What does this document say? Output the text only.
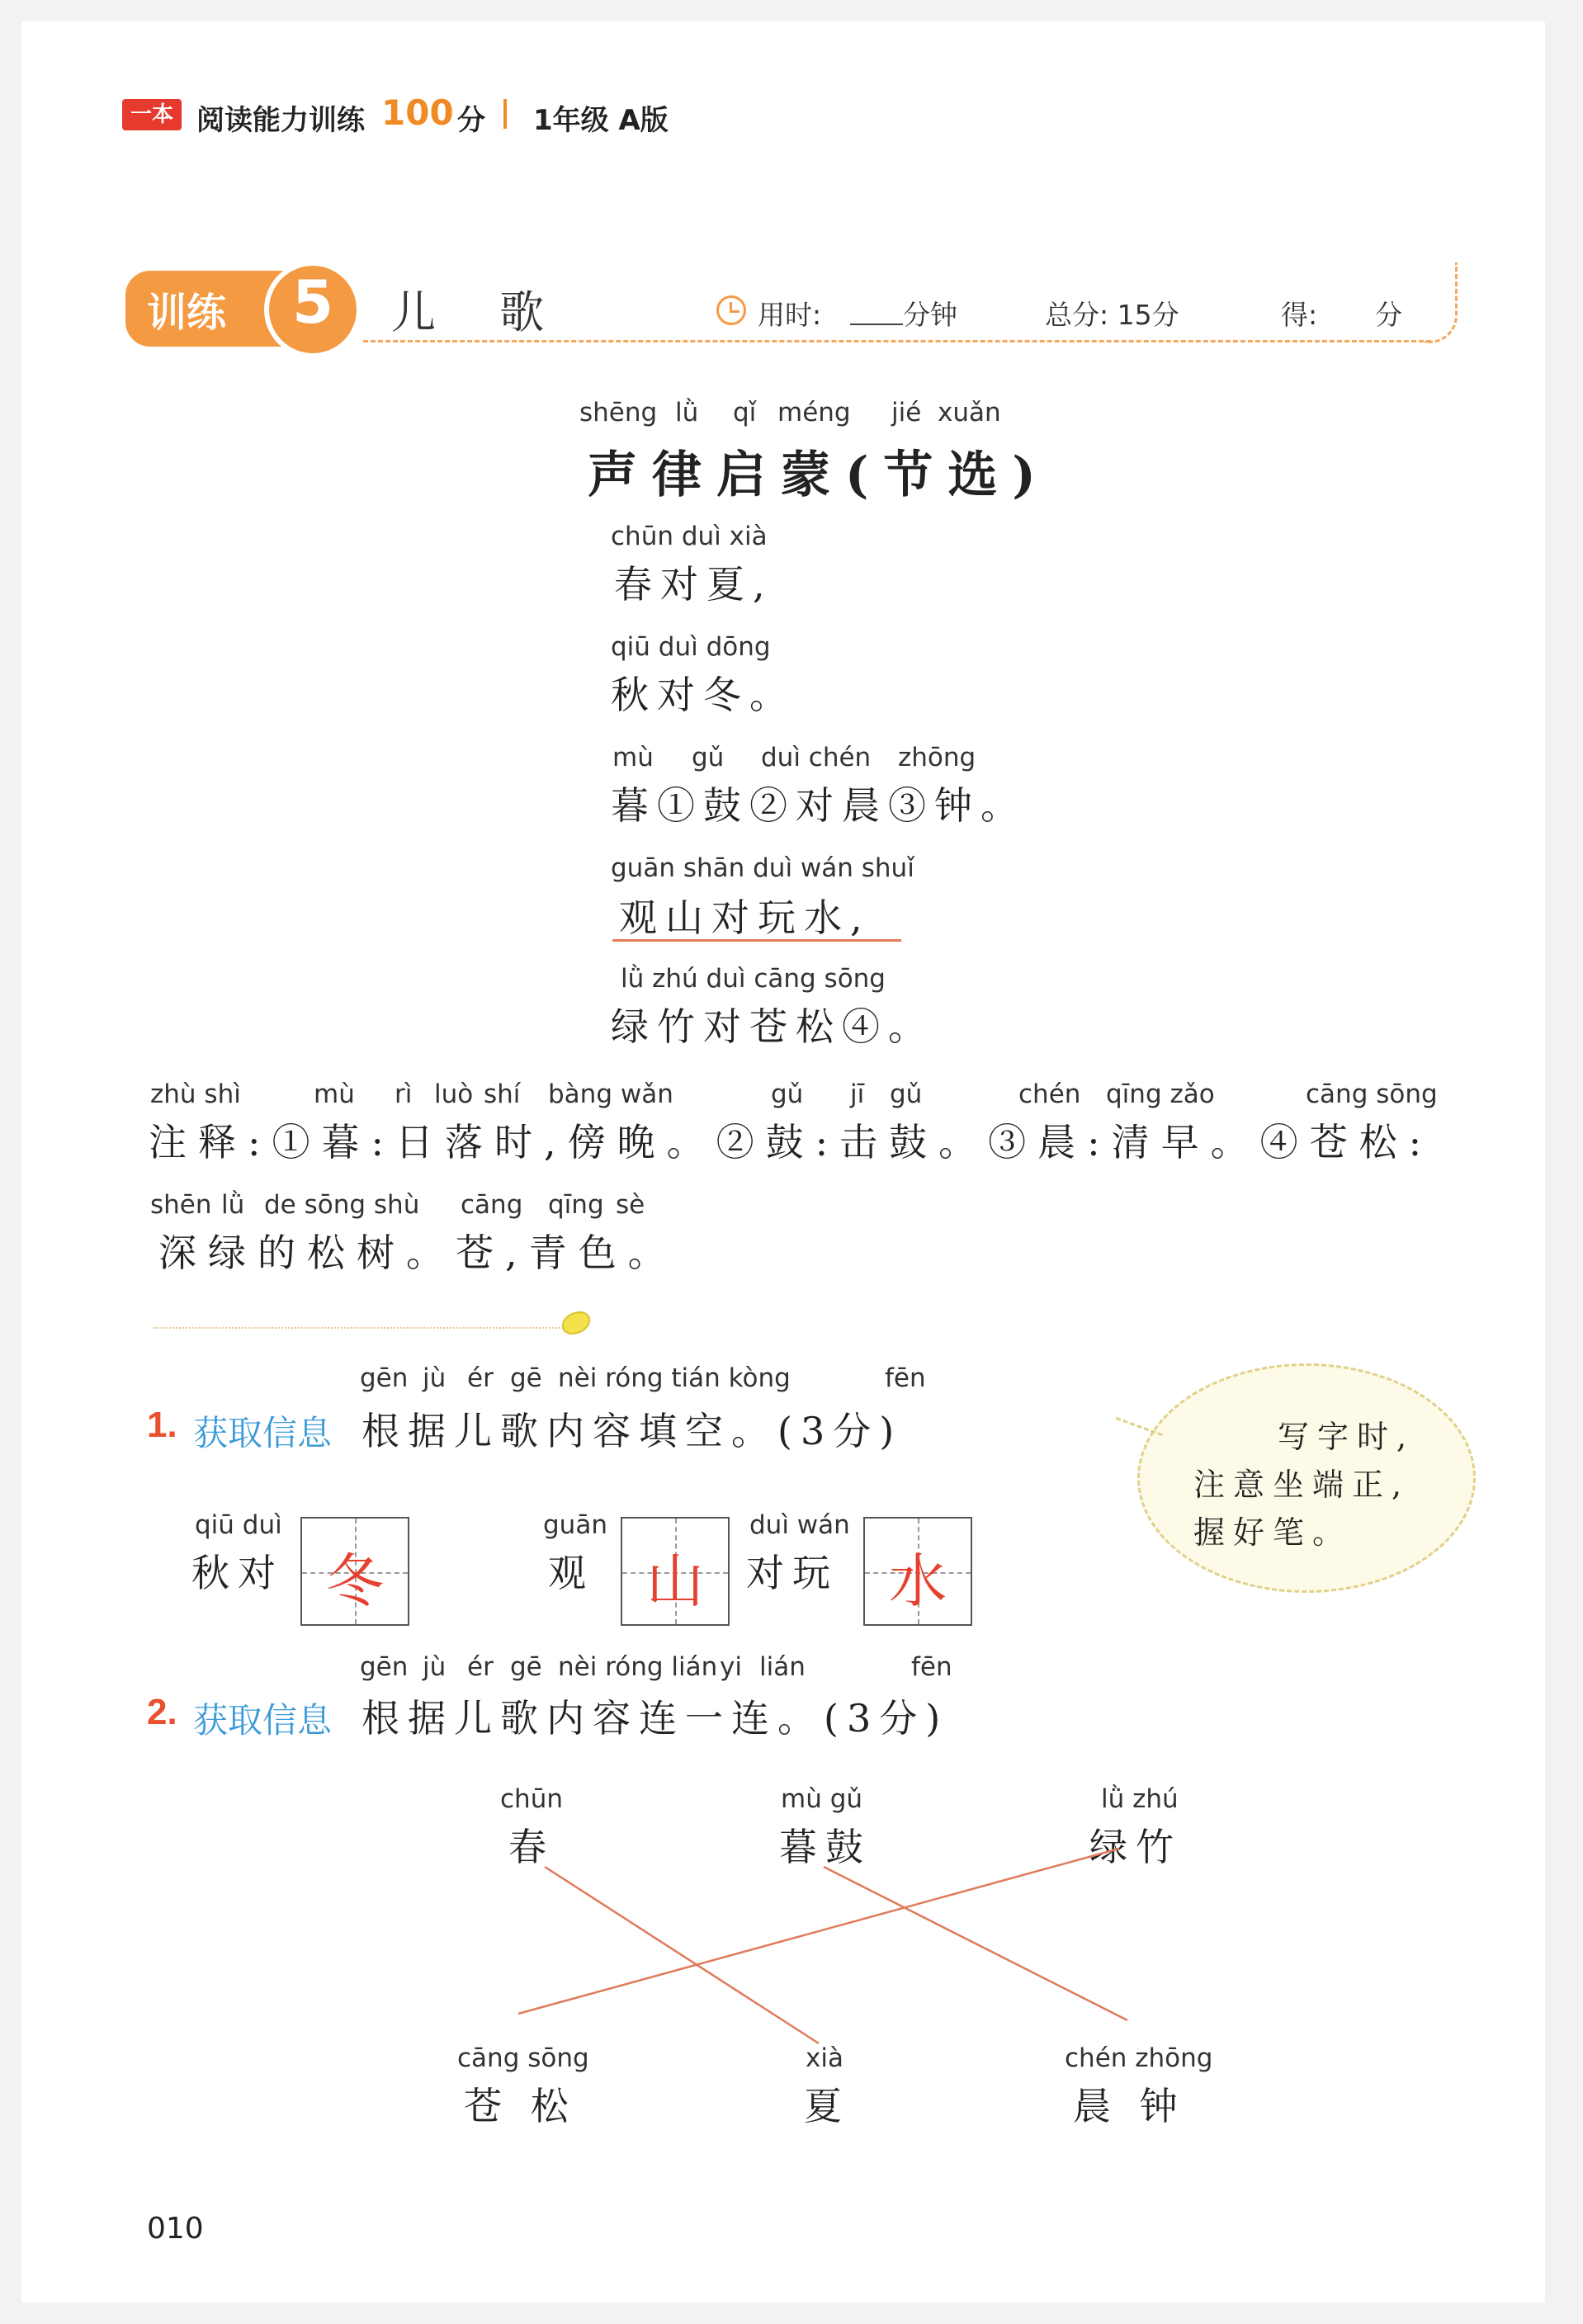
一本 阅读能力训练 100 分 1年级 A版
训练	5	儿 歌	用时:	分钟	总分: 15分	得: 分
shēng lǜ qǐ méng jié xuǎn
声律启蒙(节选)
chūn duì xià
春对夏,
qiū duì dōng
秋对冬。
mù gǔ duì chén zhōng
暮①鼓②对晨③钟。
guān shān duì wán shuǐ
观山对玩水,
lǜ zhú duì cāng sōng
绿竹对苍松④。
zhù shì	mù rì luò shí bàng wǎn	gǔ jī gǔ	chén qīng zǎo	cāng sōng
注释:①暮:日落时,傍晚。②鼓:击鼓。③晨:清早。④苍松:
shēn lǜ de sōng shù cāng qīng sè
深绿的松树。苍,青色。
gēn jù ér gē nèi róng tián kòng	fēn
1. 获取信息 根据儿歌内容填空。(3分)
qiū duì
秋对 冬
guān
观 山
duì wán
对玩 水
写字时,
注意坐端正,
握好笔。
gēn jù ér gē nèi róng lián yi lián	fēn
2. 获取信息 根据儿歌内容连一连。(3分)
chūn
春
mù gǔ
暮鼓
lǜ zhú
绿竹
cāng sōng
苍 松
xià
夏
chén zhōng
晨 钟
010
